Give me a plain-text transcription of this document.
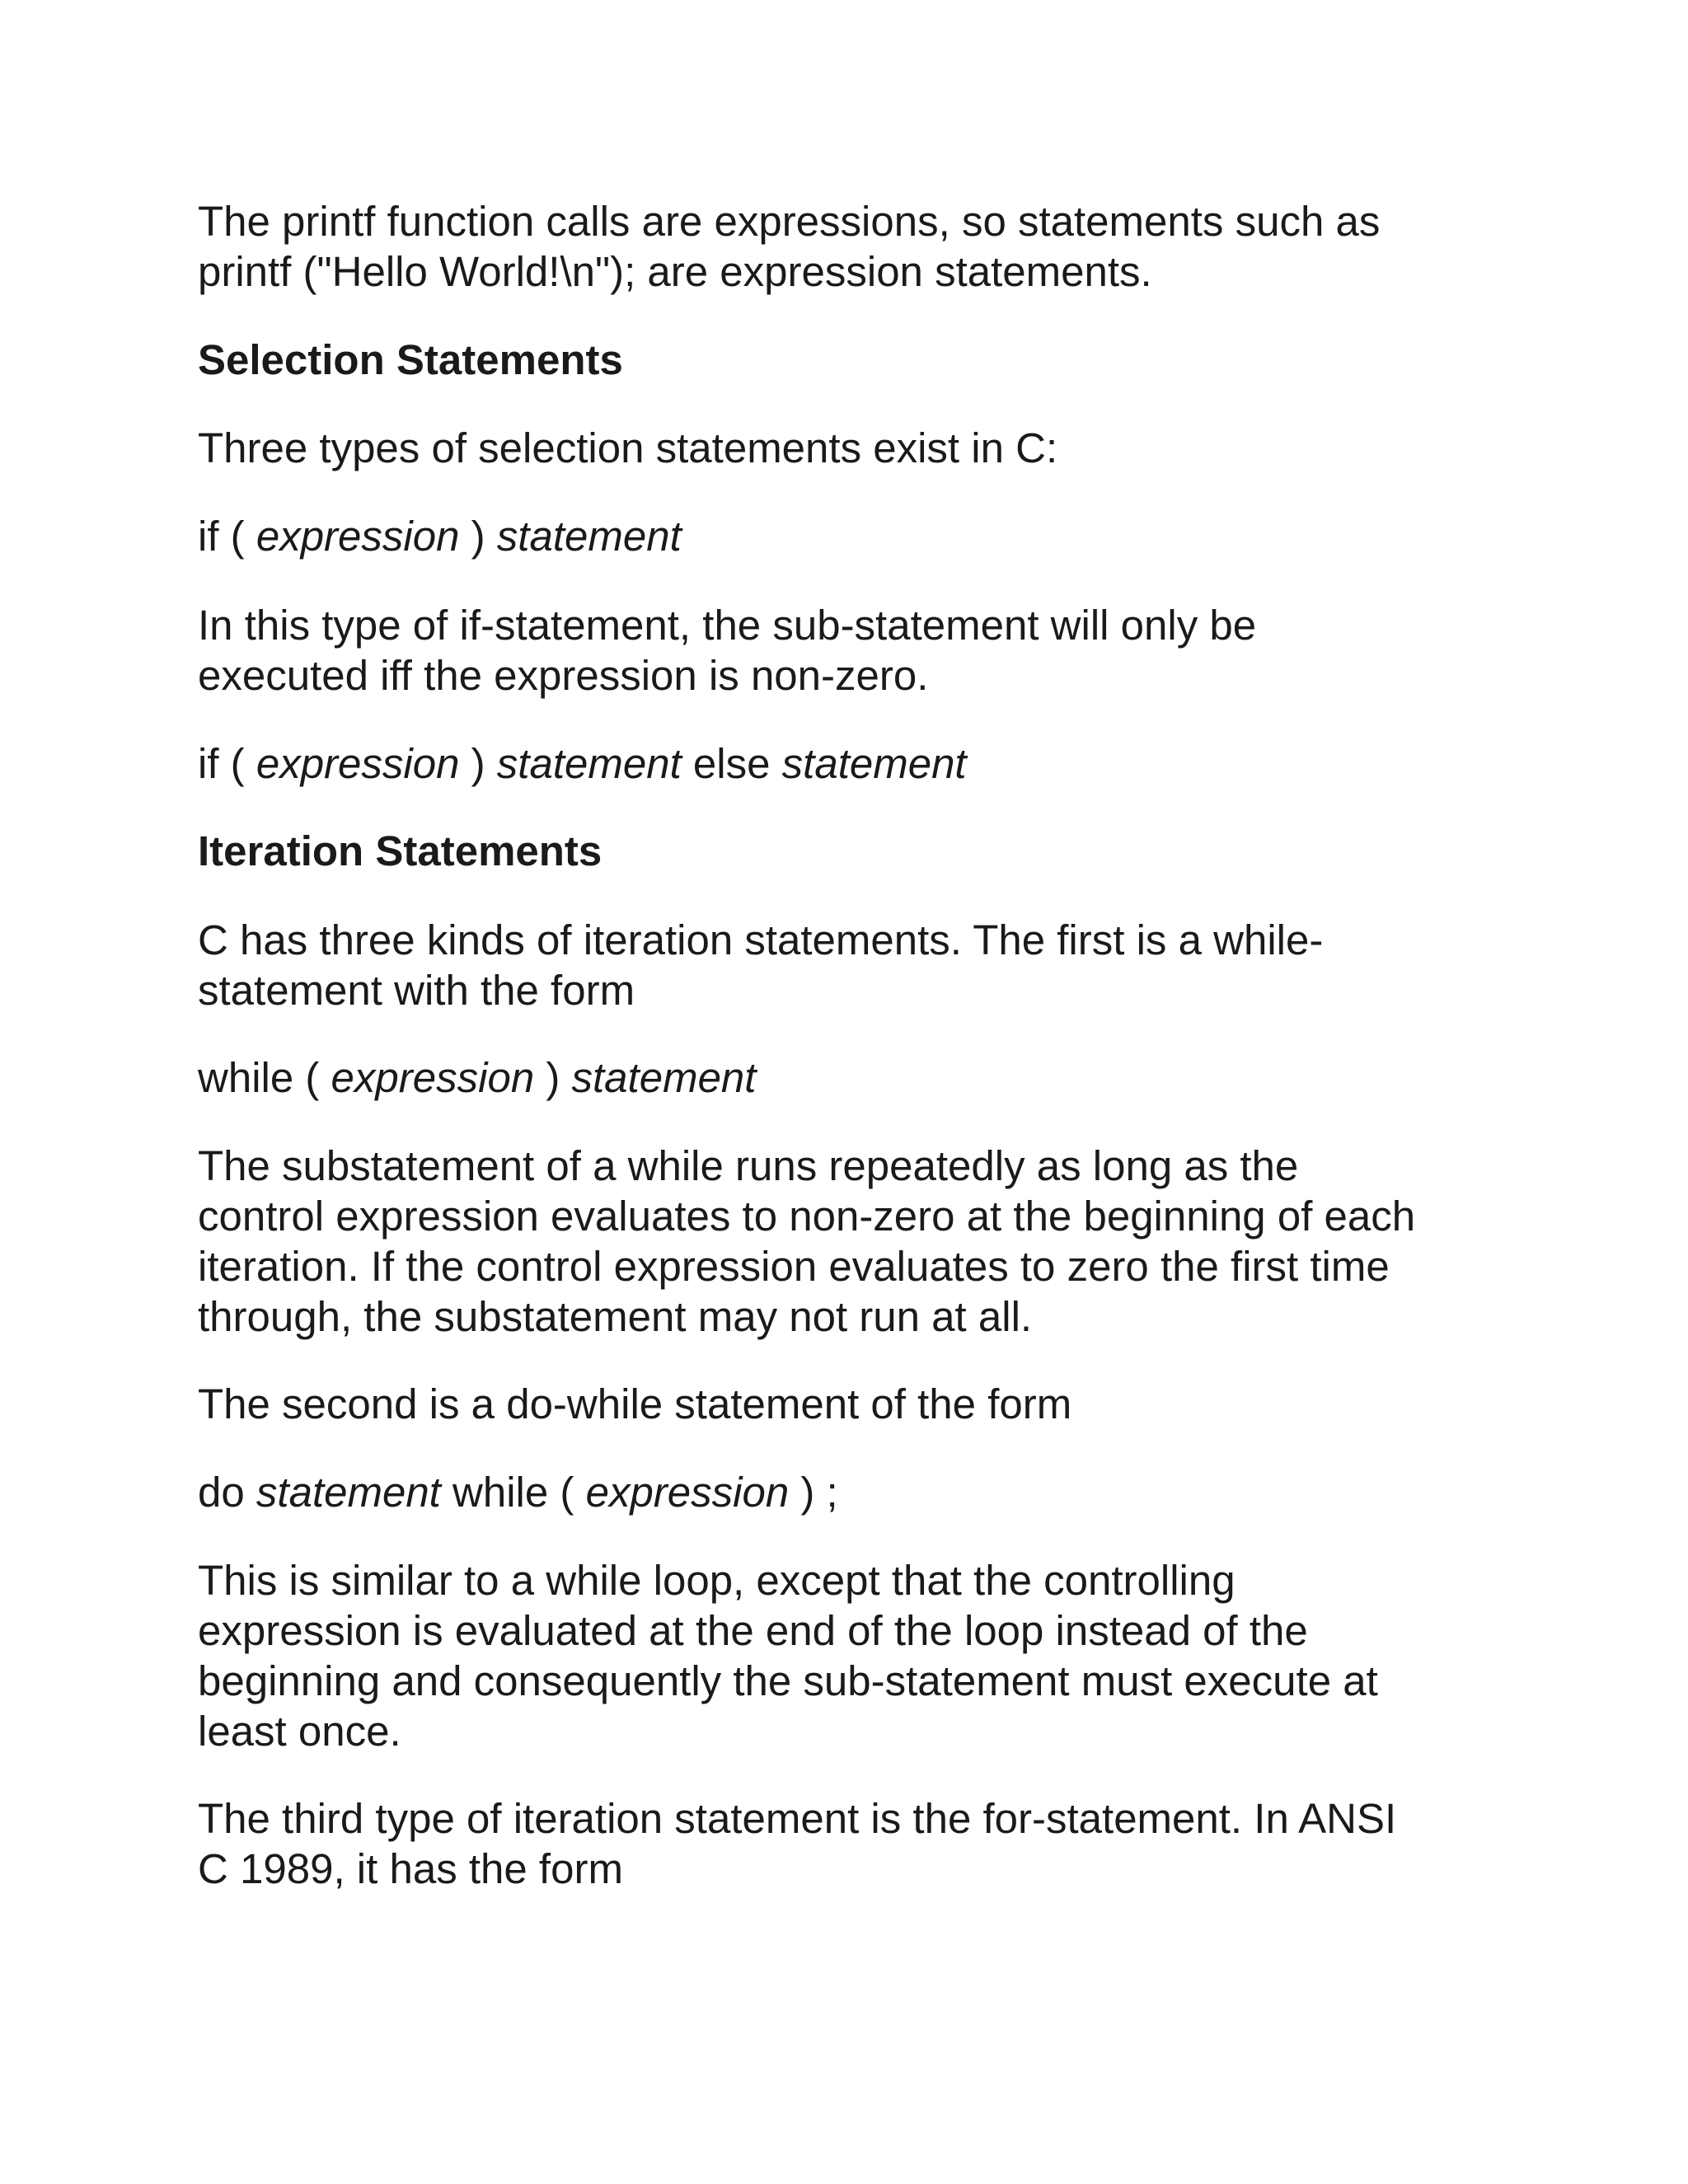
The printf function calls are expressions, so statements such as
printf ("Hello World!\n"); are expression statements.

Selection Statements

Three types of selection statements exist in C:

if ( expression ) statement

In this type of if-statement, the sub-statement will only be
executed iff the expression is non-zero.

if ( expression ) statement else statement

Iteration Statements

C has three kinds of iteration statements. The first is a while-
statement with the form

while ( expression ) statement

The substatement of a while runs repeatedly as long as the
control expression evaluates to non-zero at the beginning of each
iteration. If the control expression evaluates to zero the first time
through, the substatement may not run at all.

The second is a do-while statement of the form

do statement while ( expression ) ;

This is similar to a while loop, except that the controlling
expression is evaluated at the end of the loop instead of the
beginning and consequently the sub-statement must execute at
least once.

The third type of iteration statement is the for-statement. In ANSI
C 1989, it has the form
